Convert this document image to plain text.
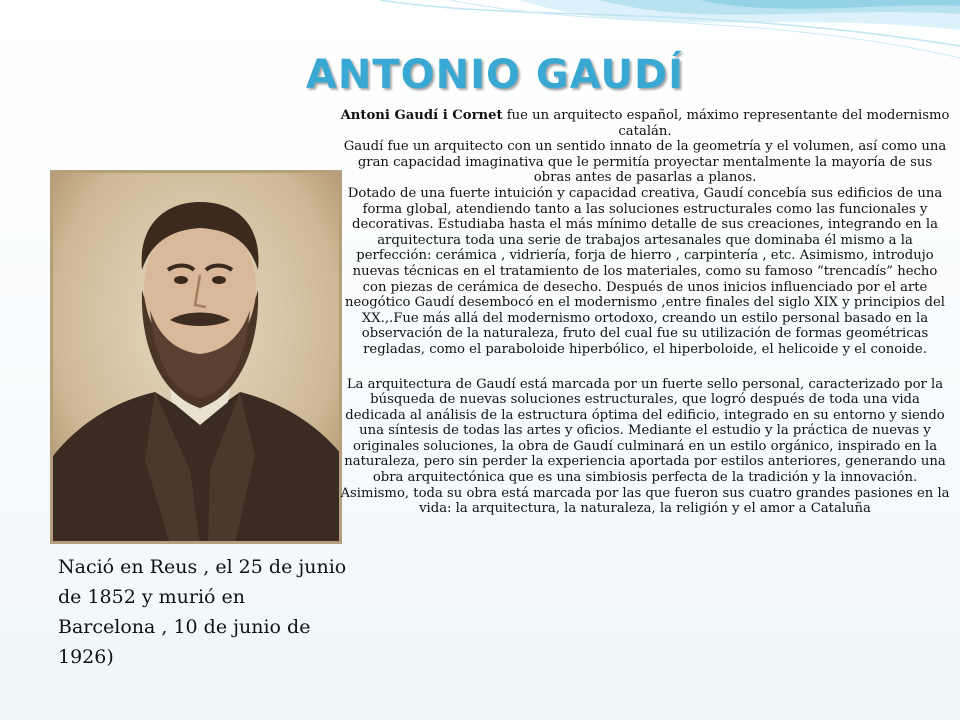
ANTONIO GAUDÍ

Nació en Reus , el 25 de junio de 1852 y murió en Barcelona , 10 de junio de 1926)

Antoni Gaudí i Cornet fue un arquitecto español, máximo representante del modernismo catalán.

Gaudí fue un arquitecto con un sentido innato de la geometría y el volumen, así como una gran capacidad imaginativa que le permitía proyectar mentalmente la mayoría de sus obras antes de pasarlas a planos.

Dotado de una fuerte intuición y capacidad creativa, Gaudí concebía sus edificios de una forma global, atendiendo tanto a las soluciones estructurales como las funcionales y decorativas. Estudiaba hasta el más mínimo detalle de sus creaciones, integrando en la arquitectura toda una serie de trabajos artesanales que dominaba él mismo a la perfección: cerámica , vidriería, forja de hierro , carpintería , etc. Asimismo, introdujo nuevas técnicas en el tratamiento de los materiales, como su famoso “trencadís” hecho con piezas de cerámica de desecho. Después de unos inicios influenciado por el arte neogótico Gaudí desembocó en el modernismo ,entre finales del siglo XIX y principios del XX.,.Fue más allá del modernismo ortodoxo, creando un estilo personal basado en la observación de la naturaleza, fruto del cual fue su utilización de formas geométricas regladas, como el paraboloide hiperbólico, el hiperboloide, el helicoide y el conoide.

La arquitectura de Gaudí está marcada por un fuerte sello personal, caracterizado por la búsqueda de nuevas soluciones estructurales, que logró después de toda una vida dedicada al análisis de la estructura óptima del edificio, integrado en su entorno y siendo una síntesis de todas las artes y oficios. Mediante el estudio y la práctica de nuevas y originales soluciones, la obra de Gaudí culminará en un estilo orgánico, inspirado en la naturaleza, pero sin perder la experiencia aportada por estilos anteriores, generando una obra arquitectónica que es una simbiosis perfecta de la tradición y la innovación. Asimismo, toda su obra está marcada por las que fueron sus cuatro grandes pasiones en la vida: la arquitectura, la naturaleza, la religión y el amor a Cataluña
